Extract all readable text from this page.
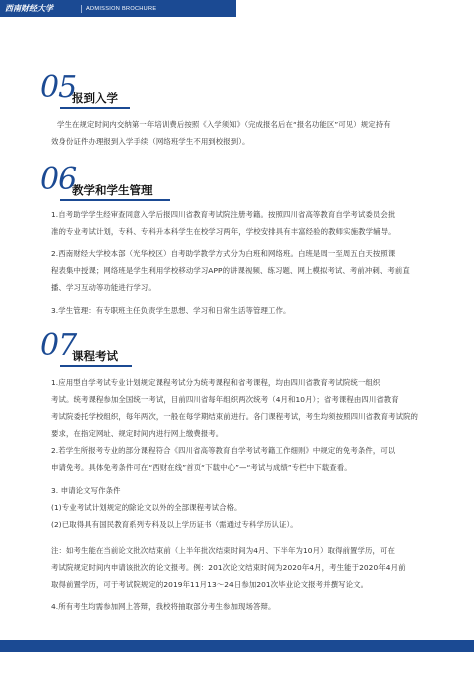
西南财经大学	ADMISSION BROCHURE
05
报到入学
学生在规定时间内交纳第一年培训费后按照《入学须知》（完成报名后在“报名功能区”可见）规定持有
效身份证件办理报到入学手续（网络班学生不用到校报到）。
06
教学和学生管理
1.自考助学学生经审查同意入学后报四川省教育考试院注册考籍。按照四川省高等教育自学考试委员会批
准的专业考试计划，专科、专科升本科学生在校学习两年，学校安排具有丰富经验的教师实施教学辅导。
2.西南财经大学校本部（光华校区）自考助学教学方式分为白班和网络班。白班是周一至周五白天按照课
程表集中授课；网络班是学生利用学校移动学习APP的讲课视频、练习题、网上模拟考试、考前冲刺、考前直
播、学习互动等功能进行学习。
3.学生管理：有专职班主任负责学生思想、学习和日常生活等管理工作。
07
课程考试
1.应用型自学考试专业计划规定课程考试分为统考课程和省考课程，均由四川省教育考试院统一组织
考试。统考课程参加全国统一考试，目前四川省每年组织两次统考（4月和10月）；省考课程由四川省教育
考试院委托学校组织，每年两次，一般在每学期结束前进行。各门课程考试，考生均须按照四川省教育考试院的
要求，在指定网址、规定时间内进行网上缴费报考。
2.若学生所报考专业的部分课程符合《四川省高等教育自学考试考籍工作细则》中规定的免考条件，可以
申请免考。具体免考条件可在“西财在线”首页“下载中心”—“考试与成绩”专栏中下载查看。
3. 申请论文写作条件
(1)专业考试计划规定的除论文以外的全部课程考试合格。
(2)已取得具有国民教育系列专科及以上学历证书（需通过专科学历认证）。
注：如考生能在当前论文批次结束前（上半年批次结束时间为4月、下半年为10月）取得前置学历，可在
考试院规定时间内申请该批次的论文报考。例：201次论文结束时间为2020年4月，考生能于2020年4月前
取得前置学历，可于考试院规定的2019年11月13～24日参加201次毕业论文报考并撰写论文。
4.所有考生均需参加网上答辩，我校将抽取部分考生参加现场答辩。
